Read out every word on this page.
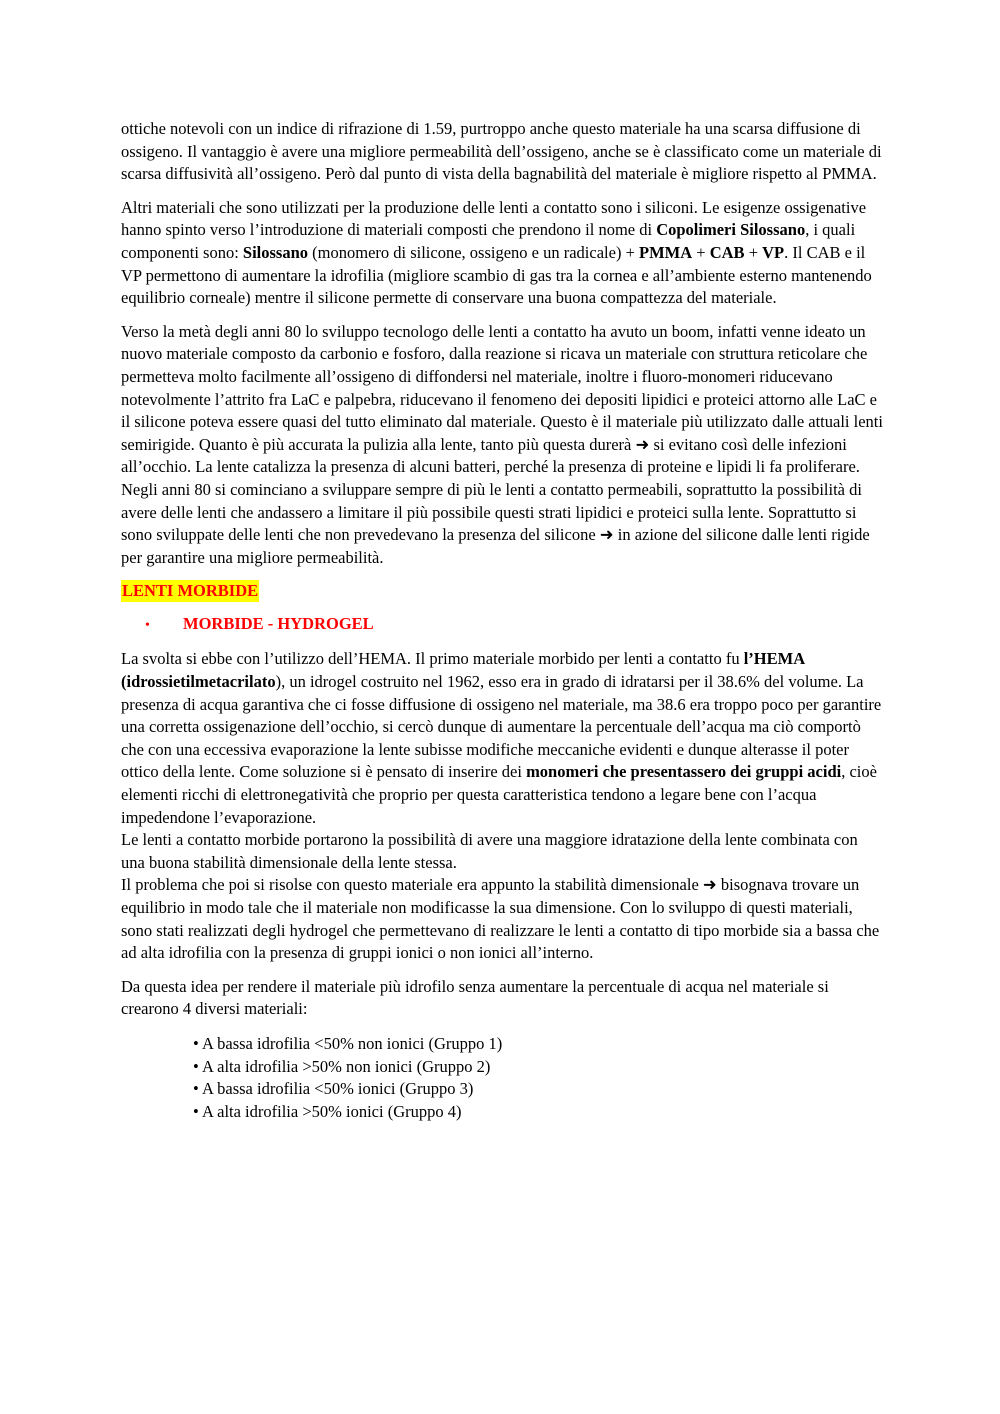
ottiche notevoli con un indice di rifrazione di 1.59, purtroppo anche questo materiale ha una scarsa diffusione di ossigeno. Il vantaggio è avere una migliore permeabilità dell’ossigeno, anche se è classificato come un materiale di scarsa diffusività all’ossigeno. Però dal punto di vista della bagnabilità del materiale è migliore rispetto al PMMA.

Altri materiali che sono utilizzati per la produzione delle lenti a contatto sono i siliconi. Le esigenze ossigenative hanno spinto verso l’introduzione di materiali composti che prendono il nome di Copolimeri Silossano, i quali componenti sono: Silossano (monomero di silicone, ossigeno e un radicale) + PMMA + CAB + VP. Il CAB e il VP permettono di aumentare la idrofilia (migliore scambio di gas tra la cornea e all’ambiente esterno mantenendo equilibrio corneale) mentre il silicone permette di conservare una buona compattezza del materiale.

Verso la metà degli anni 80 lo sviluppo tecnologo delle lenti a contatto ha avuto un boom, infatti venne ideato un nuovo materiale composto da carbonio e fosforo, dalla reazione si ricava un materiale con struttura reticolare che permetteva molto facilmente all’ossigeno di diffondersi nel materiale, inoltre i fluoro-monomeri riducevano notevolmente l’attrito fra LaC e palpebra, riducevano il fenomeno dei depositi lipidici e proteici attorno alle LaC e il silicone poteva essere quasi del tutto eliminato dal materiale. Questo è il materiale più utilizzato dalle attuali lenti semirigide. Quanto è più accurata la pulizia alla lente, tanto più questa durerà ➜ si evitano così delle infezioni all’occhio. La lente catalizza la presenza di alcuni batteri, perché la presenza di proteine e lipidi li fa proliferare. Negli anni 80 si cominciano a sviluppare sempre di più le lenti a contatto permeabili, soprattutto la possibilità di avere delle lenti che andassero a limitare il più possibile questi strati lipidici e proteici sulla lente. Soprattutto si sono sviluppate delle lenti che non prevedevano la presenza del silicone ➜ in azione del silicone dalle lenti rigide per garantire una migliore permeabilità.

LENTI MORBIDE
•	MORBIDE - HYDROGEL

La svolta si ebbe con l’utilizzo dell’HEMA. Il primo materiale morbido per lenti a contatto fu l’HEMA (idrossietilmetacrilato), un idrogel costruito nel 1962, esso era in grado di idratarsi per il 38.6% del volume. La presenza di acqua garantiva che ci fosse diffusione di ossigeno nel materiale, ma 38.6 era troppo poco per garantire una corretta ossigenazione dell’occhio, si cercò dunque di aumentare la percentuale dell’acqua ma ciò comportò che con una eccessiva evaporazione la lente subisse modifiche meccaniche evidenti e dunque alterasse il poter ottico della lente. Come soluzione si è pensato di inserire dei monomeri che presentassero dei gruppi acidi, cioè elementi ricchi di elettronegatività che proprio per questa caratteristica tendono a legare bene con l’acqua impedendone l’evaporazione.

Le lenti a contatto morbide portarono la possibilità di avere una maggiore idratazione della lente combinata con una buona stabilità dimensionale della lente stessa.

Il problema che poi si risolse con questo materiale era appunto la stabilità dimensionale ➜ bisognava trovare un equilibrio in modo tale che il materiale non modificasse la sua dimensione. Con lo sviluppo di questi materiali, sono stati realizzati degli hydrogel che permettevano di realizzare le lenti a contatto di tipo morbide sia a bassa che ad alta idrofilia con la presenza di gruppi ionici o non ionici all’interno.

Da questa idea per rendere il materiale più idrofilo senza aumentare la percentuale di acqua nel materiale si crearono 4 diversi materiali:

• A bassa idrofilia <50% non ionici (Gruppo 1)
• A alta idrofilia >50% non ionici (Gruppo 2)
• A bassa idrofilia <50% ionici (Gruppo 3)
• A alta idrofilia >50% ionici (Gruppo 4)
